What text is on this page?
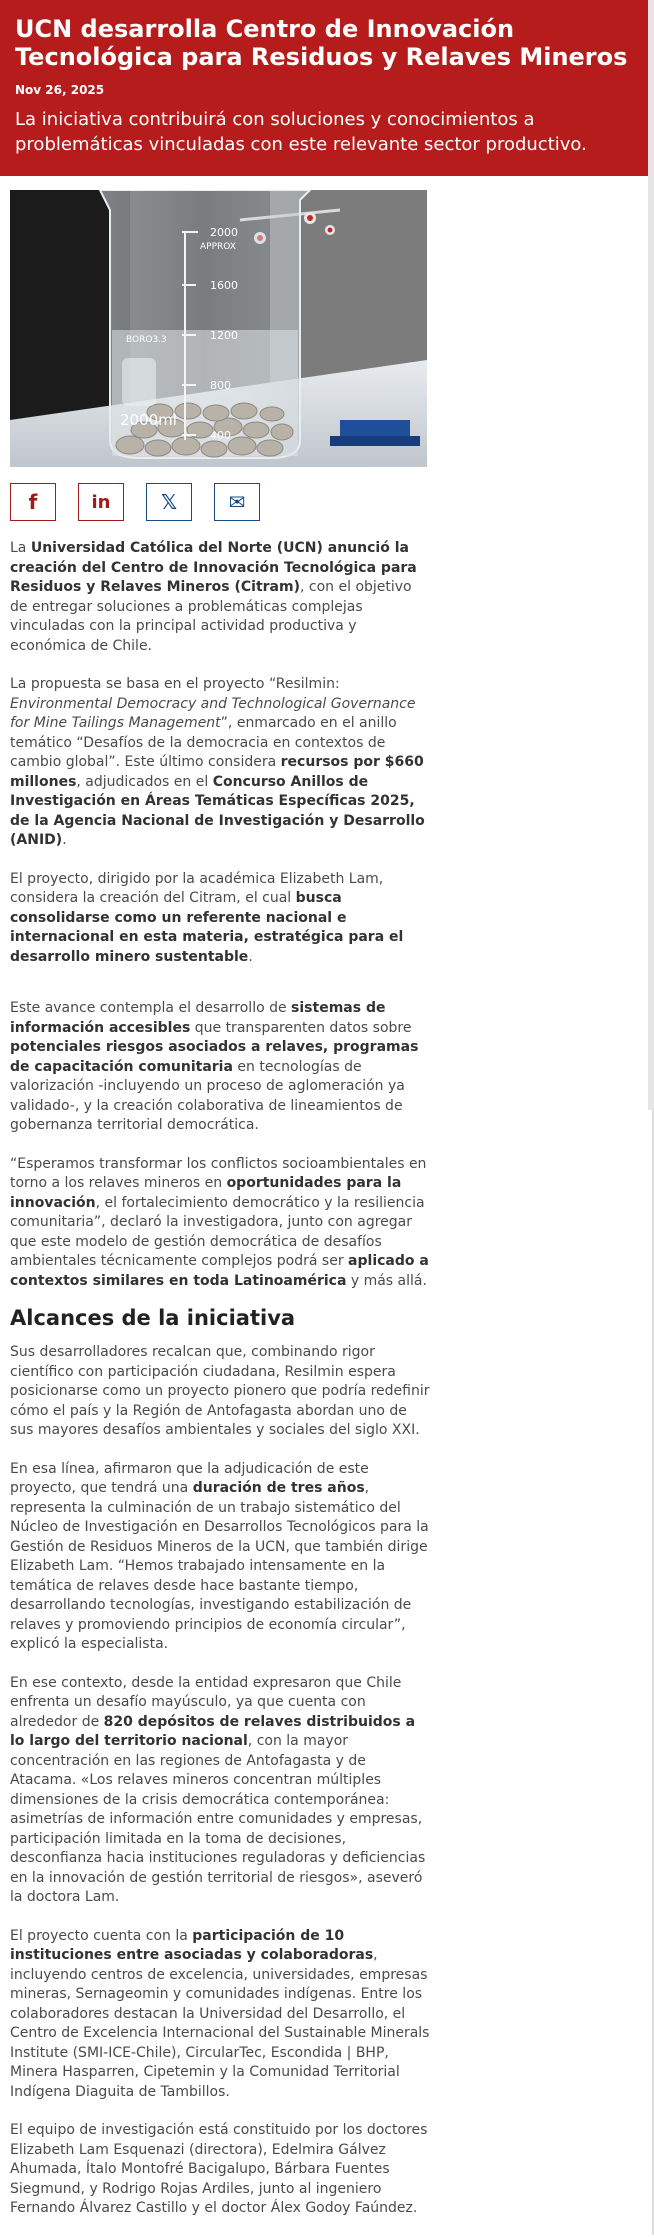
UCN desarrolla Centro de Innovación Tecnológica para Residuos y Relaves Mineros
Nov 26, 2025
La iniciativa contribuirá con soluciones y conocimientos a problemáticas vinculadas con este relevante sector productivo.
2000
APPROX
1600
1200
800
400
BORO3.3
2000ml
f	in	𝕏	✉

La Universidad Católica del Norte (UCN) anunció la creación del Centro de Innovación Tecnológica para Residuos y Relaves Mineros (Citram), con el objetivo de entregar soluciones a problemáticas complejas vinculadas con la principal actividad productiva y económica de Chile.

La propuesta se basa en el proyecto “Resilmin: Environmental Democracy and Technological Governance for Mine Tailings Management”, enmarcado en el anillo temático “Desafíos de la democracia en contextos de cambio global”. Este último considera recursos por $660 millones, adjudicados en el Concurso Anillos de Investigación en Áreas Temáticas Específicas 2025, de la Agencia Nacional de Investigación y Desarrollo (ANID).

El proyecto, dirigido por la académica Elizabeth Lam, considera la creación del Citram, el cual busca consolidarse como un referente nacional e internacional en esta materia, estratégica para el desarrollo minero sustentable.

Este avance contempla el desarrollo de sistemas de información accesibles que transparenten datos sobre potenciales riesgos asociados a relaves, programas de capacitación comunitaria en tecnologías de valorización -incluyendo un proceso de aglomeración ya validado-, y la creación colaborativa de lineamientos de gobernanza territorial democrática.

“Esperamos transformar los conflictos socioambientales en torno a los relaves mineros en oportunidades para la innovación, el fortalecimiento democrático y la resiliencia comunitaria”, declaró la investigadora, junto con agregar que este modelo de gestión democrática de desafíos ambientales técnicamente complejos podrá ser aplicado a contextos similares en toda Latinoamérica y más allá.

Alcances de la iniciativa

Sus desarrolladores recalcan que, combinando rigor científico con participación ciudadana, Resilmin espera posicionarse como un proyecto pionero que podría redefinir cómo el país y la Región de Antofagasta abordan uno de sus mayores desafíos ambientales y sociales del siglo XXI.

En esa línea, afirmaron que la adjudicación de este proyecto, que tendrá una duración de tres años, representa la culminación de un trabajo sistemático del Núcleo de Investigación en Desarrollos Tecnológicos para la Gestión de Residuos Mineros de la UCN, que también dirige Elizabeth Lam. “Hemos trabajado intensamente en la temática de relaves desde hace bastante tiempo, desarrollando tecnologías, investigando estabilización de relaves y promoviendo principios de economía circular”, explicó la especialista.

En ese contexto, desde la entidad expresaron que Chile enfrenta un desafío mayúsculo, ya que cuenta con alrededor de 820 depósitos de relaves distribuidos a lo largo del territorio nacional, con la mayor concentración en las regiones de Antofagasta y de Atacama. «Los relaves mineros concentran múltiples dimensiones de la crisis democrática contemporánea: asimetrías de información entre comunidades y empresas, participación limitada en la toma de decisiones, desconfianza hacia instituciones reguladoras y deficiencias en la innovación de gestión territorial de riesgos», aseveró la doctora Lam.

El proyecto cuenta con la participación de 10 instituciones entre asociadas y colaboradoras, incluyendo centros de excelencia, universidades, empresas mineras, Sernageomin y comunidades indígenas. Entre los colaboradores destacan la Universidad del Desarrollo, el Centro de Excelencia Internacional del Sustainable Minerals Institute (SMI-ICE-Chile), CircularTec, Escondida | BHP, Minera Hasparren, Cipetemin y la Comunidad Territorial Indígena Diaguita de Tambillos.

El equipo de investigación está constituido por los doctores Elizabeth Lam Esquenazi (directora), Edelmira Gálvez Ahumada, Ítalo Montofré Bacigalupo, Bárbara Fuentes Siegmund, y Rodrigo Rojas Ardiles, junto al ingeniero Fernando Álvarez Castillo y el doctor Álex Godoy Faúndez.
